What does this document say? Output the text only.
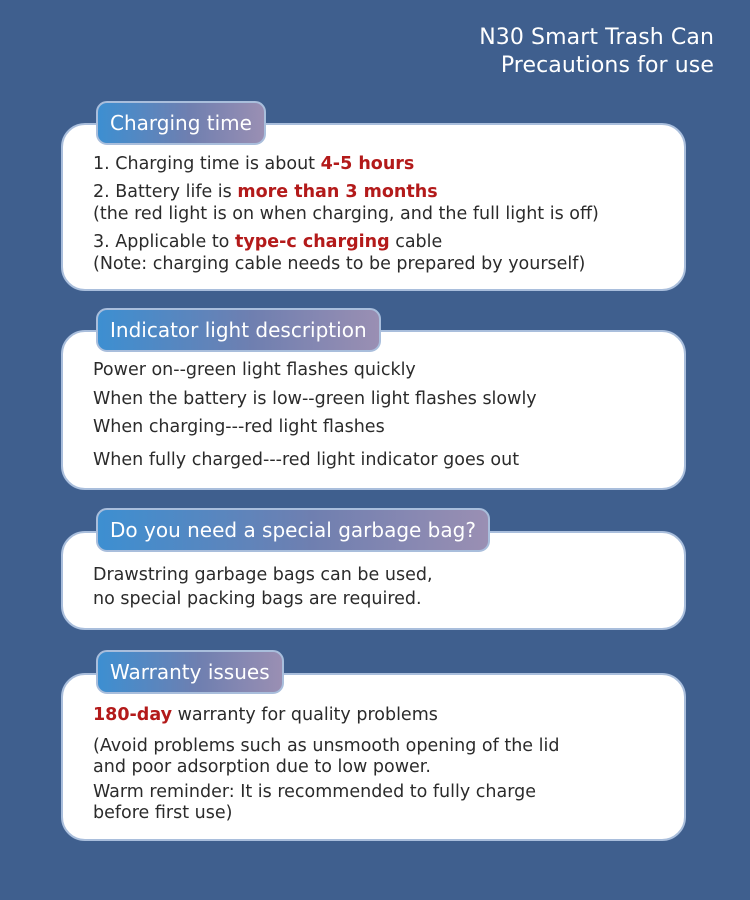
N30 Smart Trash Can
Precautions for use
Charging time
1. Charging time is about 4-5 hours
2. Battery life is more than 3 months
(the red light is on when charging, and the full light is off)
3. Applicable to type-c charging cable
(Note: charging cable needs to be prepared by yourself)
Indicator light description
Power on--green light flashes quickly
When the battery is low--green light flashes slowly
When charging---red light flashes
When fully charged---red light indicator goes out
Do you need a special garbage bag?
Drawstring garbage bags can be used,
no special packing bags are required.
Warranty issues
180-day warranty for quality problems
(Avoid problems such as unsmooth opening of the lid
and poor adsorption due to low power.
Warm reminder: It is recommended to fully charge
before first use)
